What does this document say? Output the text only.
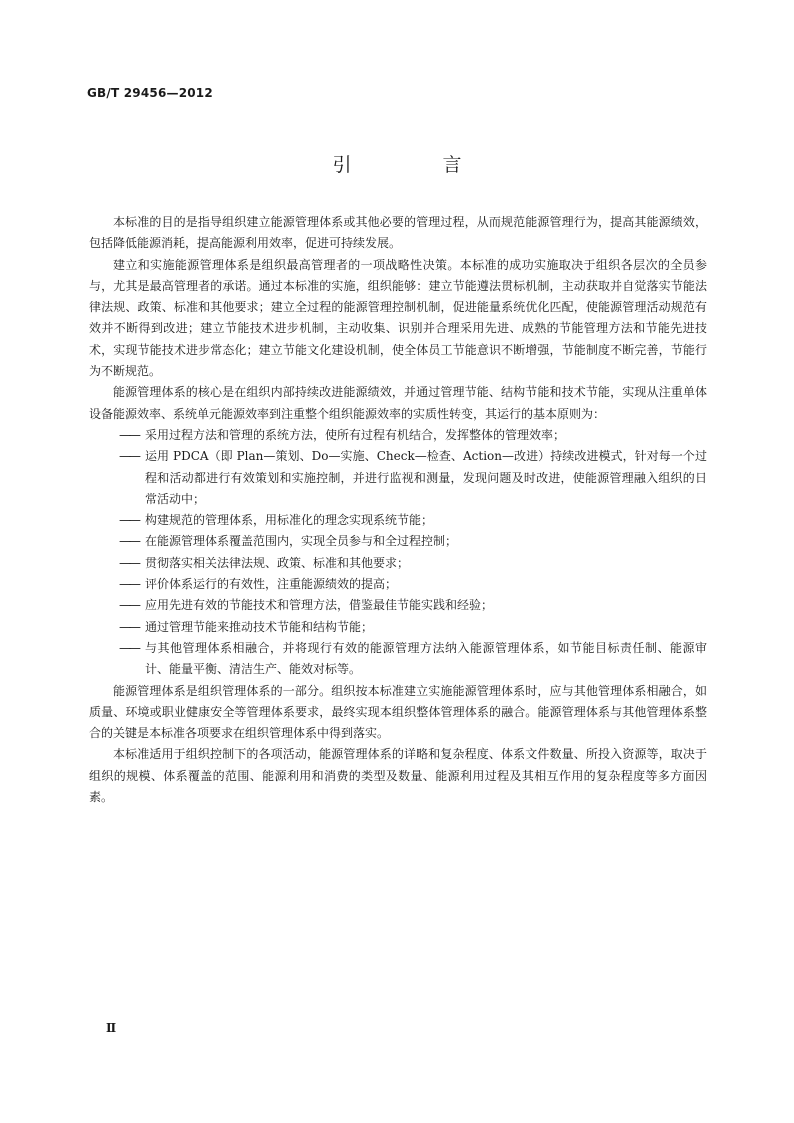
GB/T 29456—2012
引　言

本标准的目的是指导组织建立能源管理体系或其他必要的管理过程，从而规范能源管理行为，提高其能源绩效，包括降低能源消耗，提高能源利用效率，促进可持续发展。

建立和实施能源管理体系是组织最高管理者的一项战略性决策。本标准的成功实施取决于组织各层次的全员参与，尤其是最高管理者的承诺。通过本标准的实施，组织能够：建立节能遵法贯标机制，主动获取并自觉落实节能法律法规、政策、标准和其他要求；建立全过程的能源管理控制机制，促进能量系统优化匹配，使能源管理活动规范有效并不断得到改进；建立节能技术进步机制，主动收集、识别并合理采用先进、成熟的节能管理方法和节能先进技术，实现节能技术进步常态化；建立节能文化建设机制，使全体员工节能意识不断增强，节能制度不断完善，节能行为不断规范。

能源管理体系的核心是在组织内部持续改进能源绩效，并通过管理节能、结构节能和技术节能，实现从注重单体设备能源效率、系统单元能源效率到注重整个组织能源效率的实质性转变，其运行的基本原则为：

—— 采用过程方法和管理的系统方法，使所有过程有机结合，发挥整体的管理效率；
—— 运用 PDCA（即 Plan—策划、Do—实施、Check—检查、Action—改进）持续改进模式，针对每一个过程和活动都进行有效策划和实施控制，并进行监视和测量，发现问题及时改进，使能源管理融入组织的日常活动中；
—— 构建规范的管理体系，用标准化的理念实现系统节能；
—— 在能源管理体系覆盖范围内，实现全员参与和全过程控制；
—— 贯彻落实相关法律法规、政策、标准和其他要求；
—— 评价体系运行的有效性，注重能源绩效的提高；
—— 应用先进有效的节能技术和管理方法，借鉴最佳节能实践和经验；
—— 通过管理节能来推动技术节能和结构节能；
—— 与其他管理体系相融合，并将现行有效的能源管理方法纳入能源管理体系，如节能目标责任制、能源审计、能量平衡、清洁生产、能效对标等。

能源管理体系是组织管理体系的一部分。组织按本标准建立实施能源管理体系时，应与其他管理体系相融合，如质量、环境或职业健康安全等管理体系要求，最终实现本组织整体管理体系的融合。能源管理体系与其他管理体系整合的关键是本标准各项要求在组织管理体系中得到落实。

本标准适用于组织控制下的各项活动，能源管理体系的详略和复杂程度、体系文件数量、所投入资源等，取决于组织的规模、体系覆盖的范围、能源利用和消费的类型及数量、能源利用过程及其相互作用的复杂程度等多方面因素。

Ⅱ
